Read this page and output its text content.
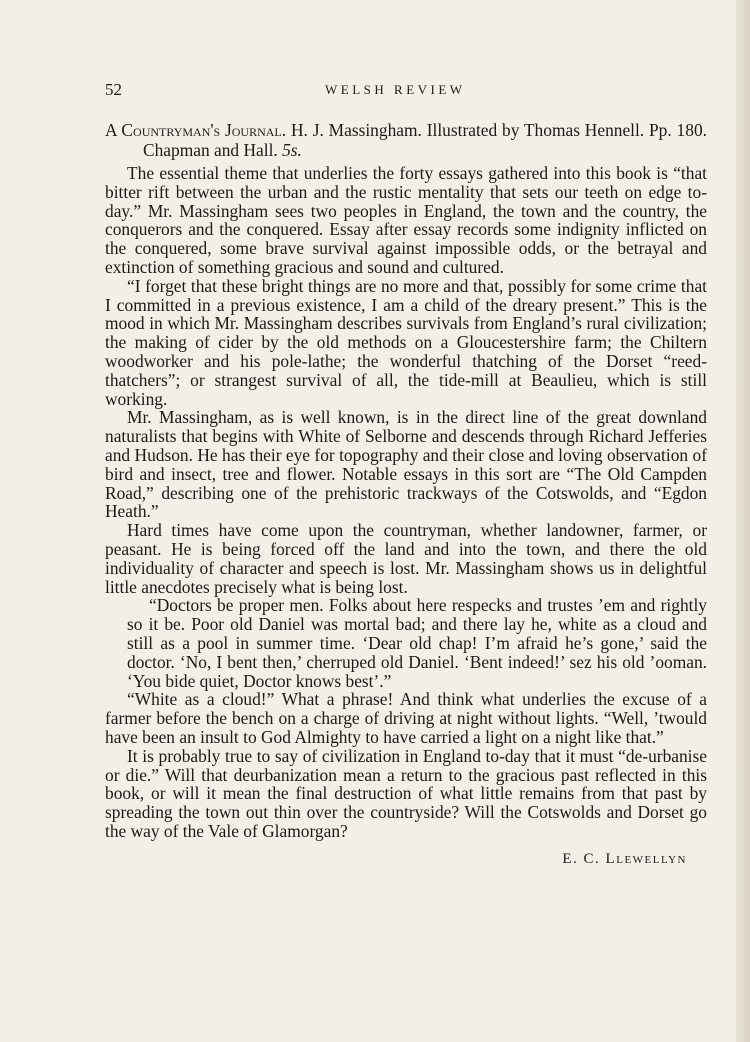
52	WELSH REVIEW
A Countryman's Journal. H. J. Massingham. Illustrated by Thomas Hennell. Pp. 180. Chapman and Hall. 5s.

The essential theme that underlies the forty essays gathered into this book is “that bitter rift between the urban and the rustic mentality that sets our teeth on edge to-day.” Mr. Massingham sees two peoples in England, the town and the country, the conquerors and the conquered. Essay after essay records some indignity inflicted on the conquered, some brave survival against impossible odds, or the betrayal and extinction of something gracious and sound and cultured.

“I forget that these bright things are no more and that, possibly for some crime that I committed in a previous existence, I am a child of the dreary present.” This is the mood in which Mr. Massingham describes survivals from England’s rural civilization; the making of cider by the old methods on a Gloucestershire farm; the Chiltern woodworker and his pole-lathe; the wonderful thatching of the Dorset “reed-thatchers”; or strangest survival of all, the tide-mill at Beaulieu, which is still working.

Mr. Massingham, as is well known, is in the direct line of the great downland naturalists that begins with White of Selborne and descends through Richard Jefferies and Hudson. He has their eye for topography and their close and loving observation of bird and insect, tree and flower. Notable essays in this sort are “The Old Campden Road,” describing one of the prehistoric trackways of the Cotswolds, and “Egdon Heath.”

Hard times have come upon the countryman, whether landowner, farmer, or peasant. He is being forced off the land and into the town, and there the old individuality of character and speech is lost. Mr. Massingham shows us in delightful little anecdotes precisely what is being lost.

“Doctors be proper men. Folks about here respecks and trustes ’em and rightly so it be. Poor old Daniel was mortal bad; and there lay he, white as a cloud and still as a pool in summer time. ‘Dear old chap! I’m afraid he’s gone,’ said the doctor. ‘No, I bent then,’ cherruped old Daniel. ‘Bent indeed!’ sez his old ’ooman. ‘You bide quiet, Doctor knows best’.”

“White as a cloud!” What a phrase! And think what underlies the excuse of a farmer before the bench on a charge of driving at night without lights. “Well, ’twould have been an insult to God Almighty to have carried a light on a night like that.”

It is probably true to say of civilization in England to-day that it must “de-urbanise or die.” Will that deurbanization mean a return to the gracious past reflected in this book, or will it mean the final destruction of what little remains from that past by spreading the town out thin over the countryside? Will the Cotswolds and Dorset go the way of the Vale of Glamorgan?

E. C. Llewellyn
